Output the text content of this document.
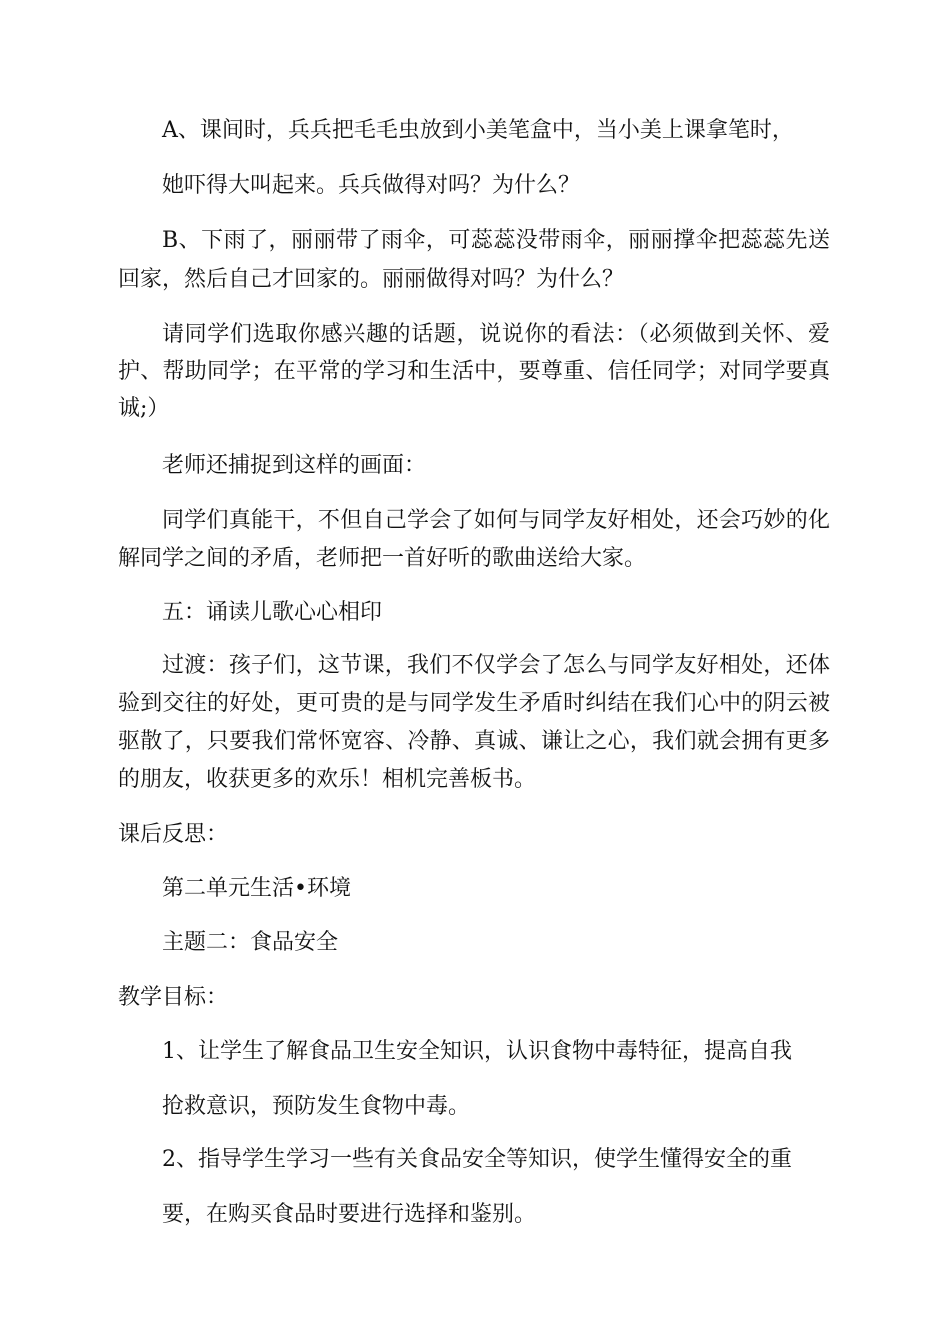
A、课间时，兵兵把毛毛虫放到小美笔盒中，当小美上课拿笔时，

她吓得大叫起来。兵兵做得对吗？为什么？

B、下雨了，丽丽带了雨伞，可蕊蕊没带雨伞，丽丽撑伞把蕊蕊先送

回家，然后自己才回家的。丽丽做得对吗？为什么？

请同学们选取你感兴趣的话题，说说你的看法：（必须做到关怀、爱

护、帮助同学；在平常的学习和生活中，要尊重、信任同学；对同学要真

诚;）

老师还捕捉到这样的画面：

同学们真能干，不但自己学会了如何与同学友好相处，还会巧妙的化

解同学之间的矛盾，老师把一首好听的歌曲送给大家。

五：诵读儿歌心心相印

过渡：孩子们，这节课，我们不仅学会了怎么与同学友好相处，还体

验到交往的好处，更可贵的是与同学发生矛盾时纠结在我们心中的阴云被

驱散了，只要我们常怀宽容、冷静、真诚、谦让之心，我们就会拥有更多

的朋友，收获更多的欢乐！相机完善板书。

课后反思：

第二单元生活•环境

主题二：食品安全

教学目标：

1、让学生了解食品卫生安全知识，认识食物中毒特征，提高自我

抢救意识，预防发生食物中毒。

2、指导学生学习一些有关食品安全等知识，使学生懂得安全的重

要，在购买食品时要进行选择和鉴别。
